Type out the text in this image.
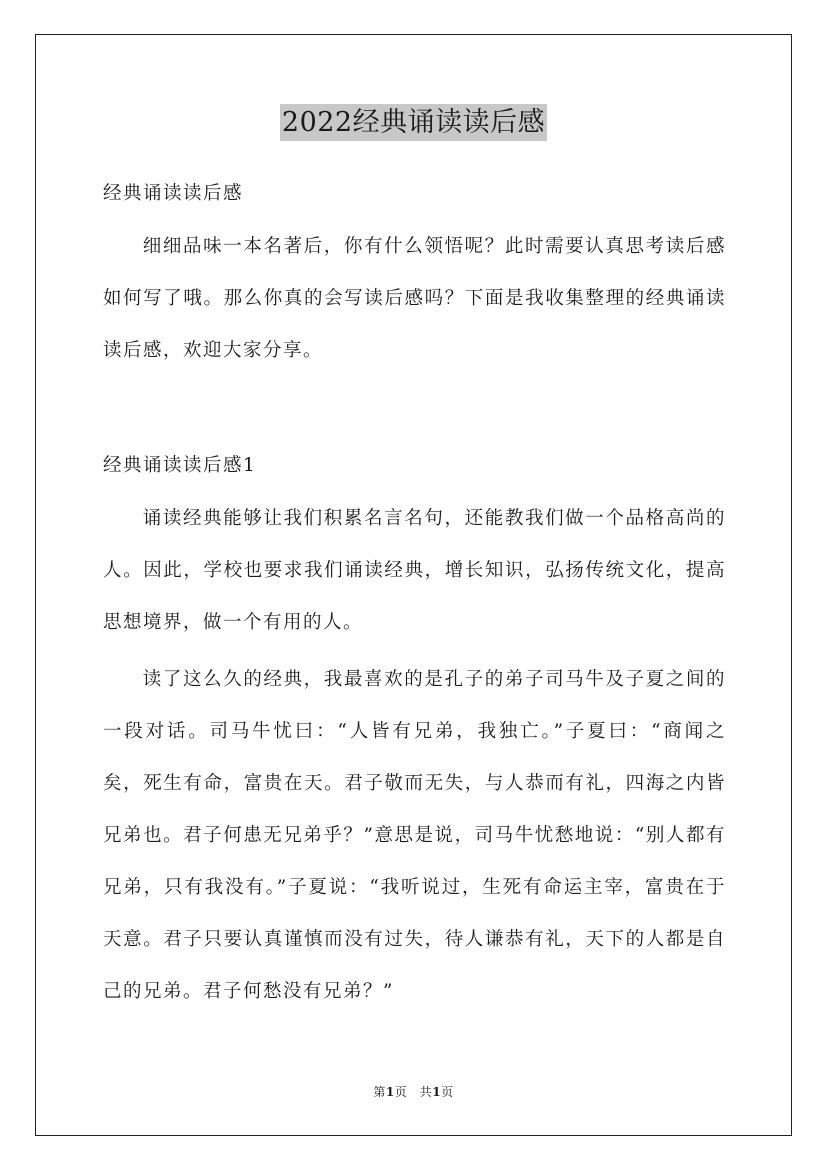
2022经典诵读读后感
经典诵读读后感
细细品味一本名著后，你有什么领悟呢？此时需要认真思考读后感如何写了哦。那么你真的会写读后感吗？下面是我收集整理的经典诵读读后感，欢迎大家分享。
经典诵读读后感1
诵读经典能够让我们积累名言名句，还能教我们做一个品格高尚的人。因此，学校也要求我们诵读经典，增长知识，弘扬传统文化，提高思想境界，做一个有用的人。
读了这么久的经典，我最喜欢的是孔子的弟子司马牛及子夏之间的一段对话。司马牛忧曰：“人皆有兄弟，我独亡。”子夏曰：“商闻之矣，死生有命，富贵在天。君子敬而无失，与人恭而有礼，四海之内皆兄弟也。君子何患无兄弟乎？”意思是说，司马牛忧愁地说：“别人都有兄弟，只有我没有。”子夏说：“我听说过，生死有命运主宰，富贵在于天意。君子只要认真谨慎而没有过失，待人谦恭有礼，天下的人都是自己的兄弟。君子何愁没有兄弟？”
第1页　共1页
